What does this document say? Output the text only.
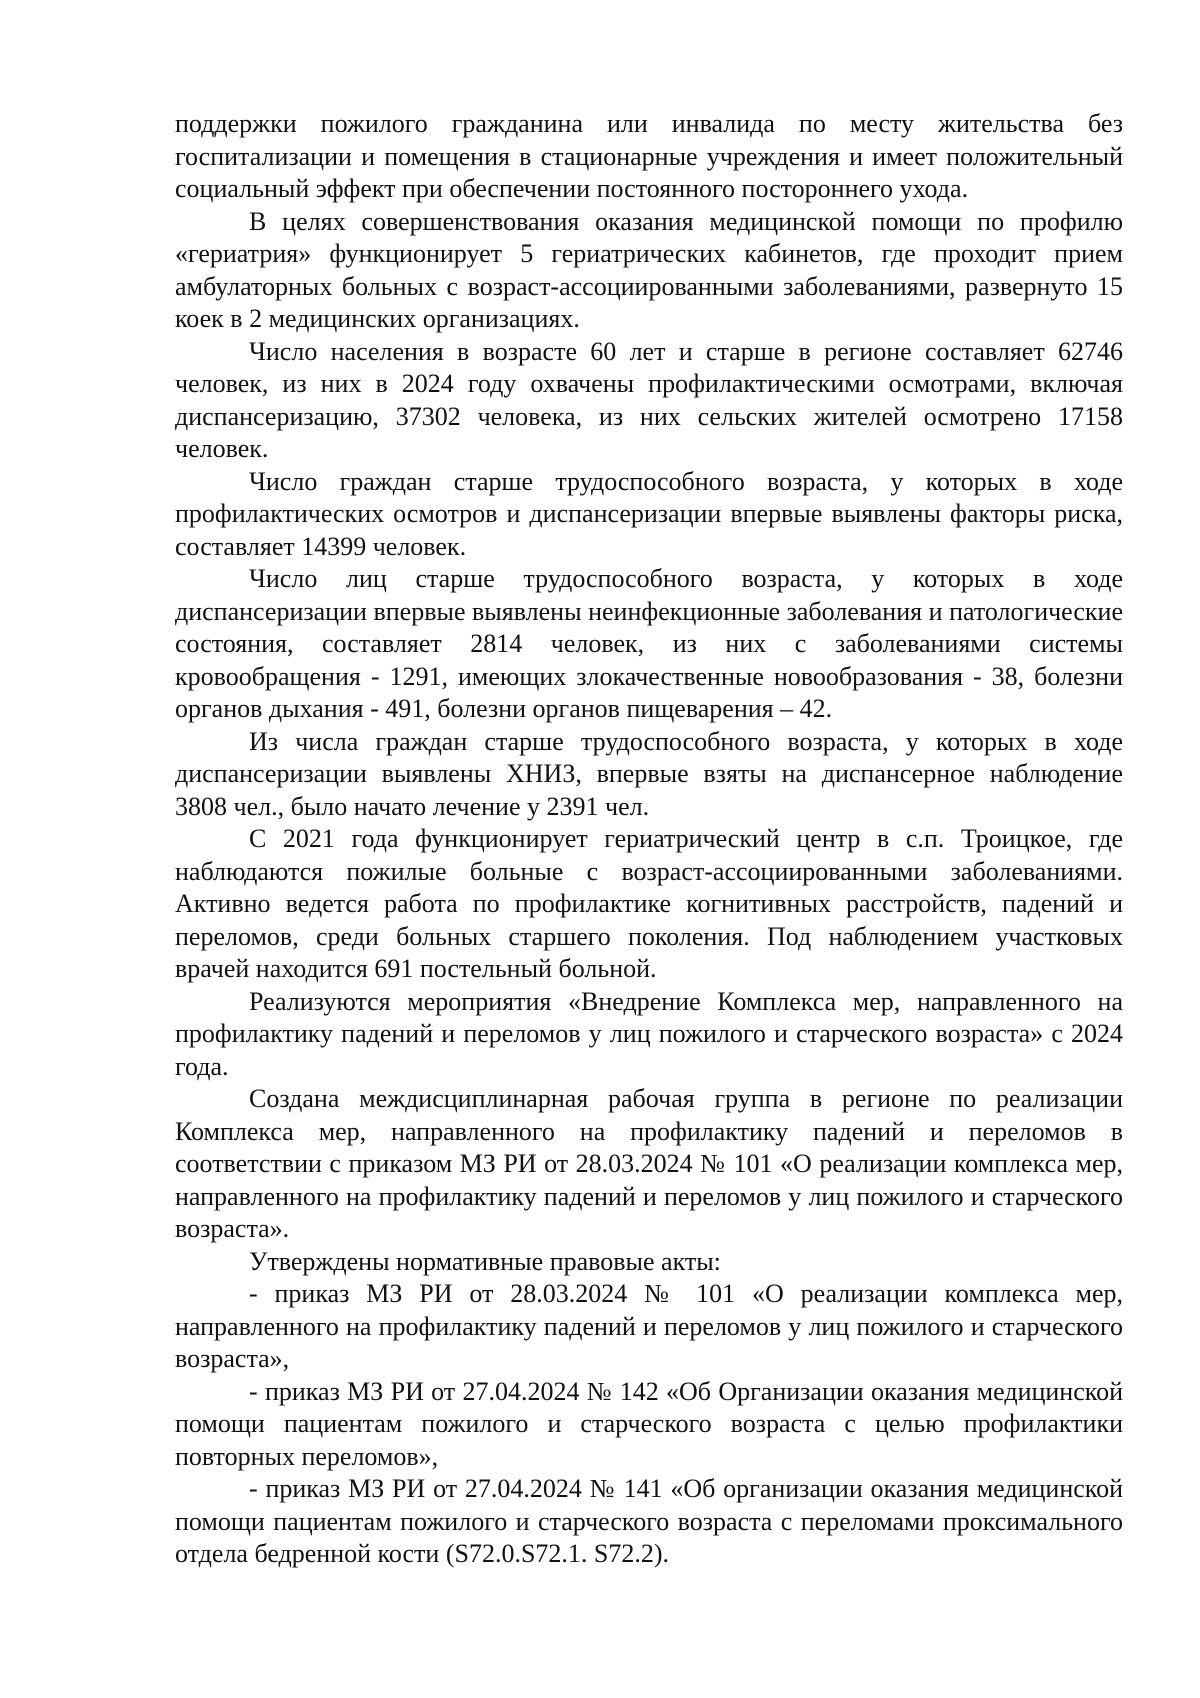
поддержки пожилого гражданина или инвалида по месту жительства без госпитализации и помещения в стационарные учреждения и имеет положительный социальный эффект при обеспечении постоянного постороннего ухода.

В целях совершенствования оказания медицинской помощи по профилю «гериатрия» функционирует 5 гериатрических кабинетов, где проходит прием амбулаторных больных с возраст-ассоциированными заболеваниями, развернуто 15 коек в 2 медицинских организациях.

Число населения в возрасте 60 лет и старше в регионе составляет 62746 человек, из них в 2024 году охвачены профилактическими осмотрами, включая диспансеризацию, 37302 человека, из них сельских жителей осмотрено 17158 человек.

Число граждан старше трудоспособного возраста, у которых в ходе профилактических осмотров и диспансеризации впервые выявлены факторы риска, составляет 14399 человек.

Число лиц старше трудоспособного возраста, у которых в ходе диспансеризации впервые выявлены неинфекционные заболевания и патологические состояния, составляет 2814 человек, из них с заболеваниями системы кровообращения - 1291, имеющих злокачественные новообразования - 38, болезни органов дыхания - 491, болезни органов пищеварения – 42.

Из числа граждан старше трудоспособного возраста, у которых в ходе диспансеризации выявлены ХНИЗ, впервые взяты на диспансерное наблюдение 3808 чел., было начато лечение у 2391 чел.

С 2021 года функционирует гериатрический центр в с.п. Троицкое, где наблюдаются пожилые больные с возраст-ассоциированными заболеваниями. Активно ведется работа по профилактике когнитивных расстройств, падений и переломов, среди больных старшего поколения. Под наблюдением участковых врачей находится 691 постельный больной.

Реализуются мероприятия «Внедрение Комплекса мер, направленного на профилактику падений и переломов у лиц пожилого и старческого возраста» с 2024 года.

Создана междисциплинарная рабочая группа в регионе по реализации Комплекса мер, направленного на профилактику падений и переломов в соответствии с приказом МЗ РИ от 28.03.2024 № 101 «О реализации комплекса мер, направленного на профилактику падений и переломов у лиц пожилого и старческого возраста».

Утверждены нормативные правовые акты:

- приказ МЗ РИ от 28.03.2024 № 101 «О реализации комплекса мер, направленного на профилактику падений и переломов у лиц пожилого и старческого возраста»,

- приказ МЗ РИ от 27.04.2024 № 142 «Об Организации оказания медицинской помощи пациентам пожилого и старческого возраста с целью профилактики повторных переломов»,

- приказ МЗ РИ от 27.04.2024 № 141 «Об организации оказания медицинской помощи пациентам пожилого и старческого возраста с переломами проксимального отдела бедренной кости (S72.0.S72.1. S72.2).
